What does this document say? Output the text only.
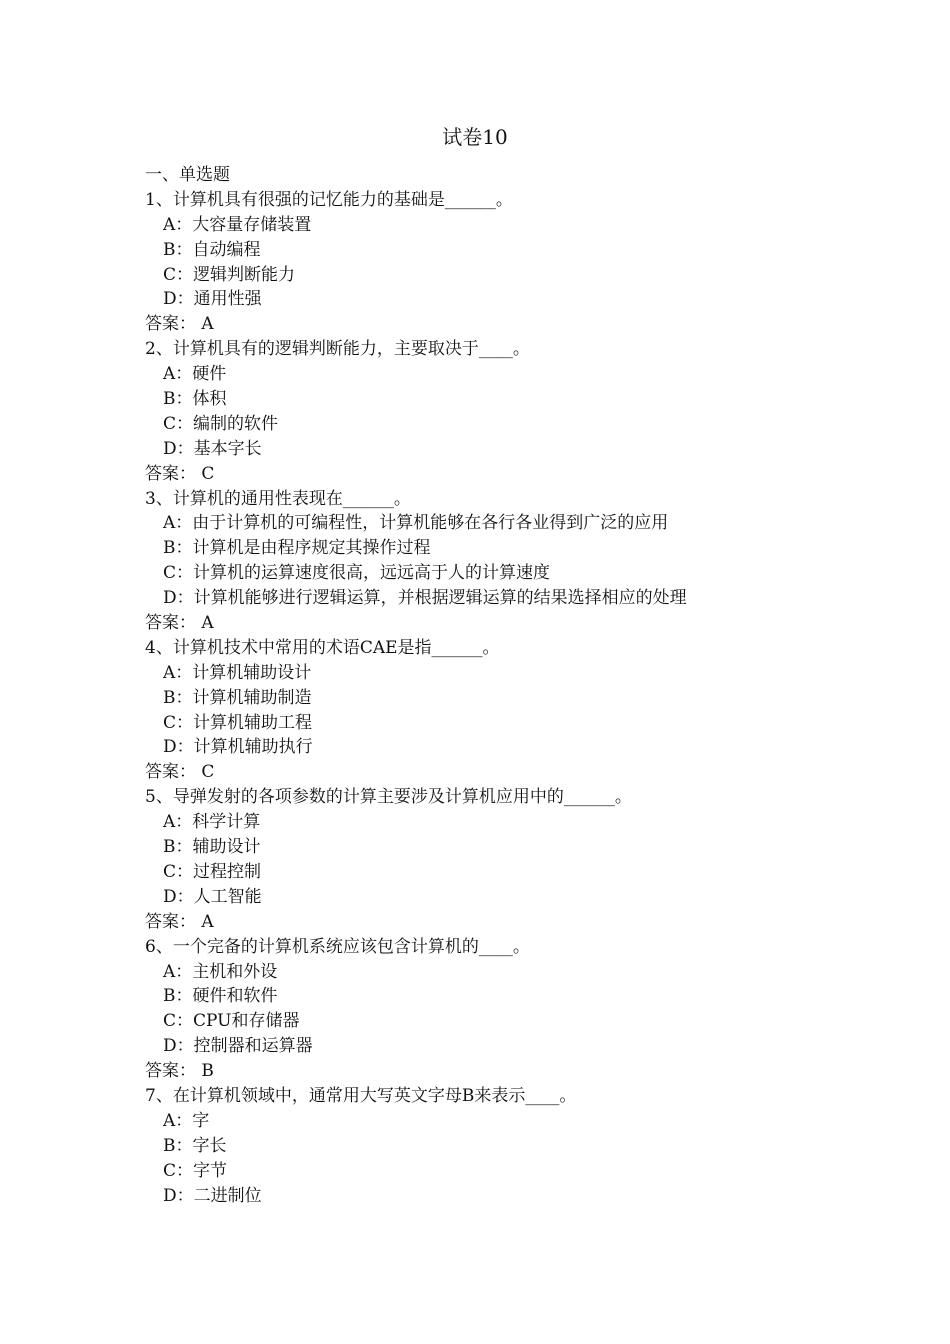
试卷10
一、单选题
1、计算机具有很强的记忆能力的基础是______。
A：大容量存储装置
B：自动编程
C：逻辑判断能力
D：通用性强
答案： A
2、计算机具有的逻辑判断能力，主要取决于____。
A：硬件
B：体积
C：编制的软件
D：基本字长
答案： C
3、计算机的通用性表现在______。
A：由于计算机的可编程性，计算机能够在各行各业得到广泛的应用
B：计算机是由程序规定其操作过程
C：计算机的运算速度很高，远远高于人的计算速度
D：计算机能够进行逻辑运算，并根据逻辑运算的结果选择相应的处理
答案： A
4、计算机技术中常用的术语CAE是指______。
A：计算机辅助设计
B：计算机辅助制造
C：计算机辅助工程
D：计算机辅助执行
答案： C
5、导弹发射的各项参数的计算主要涉及计算机应用中的______。
A：科学计算
B：辅助设计
C：过程控制
D：人工智能
答案： A
6、一个完备的计算机系统应该包含计算机的____。
A：主机和外设
B：硬件和软件
C：CPU和存储器
D：控制器和运算器
答案： B
7、在计算机领域中，通常用大写英文字母B来表示____。
A：字
B：字长
C：字节
D：二进制位
